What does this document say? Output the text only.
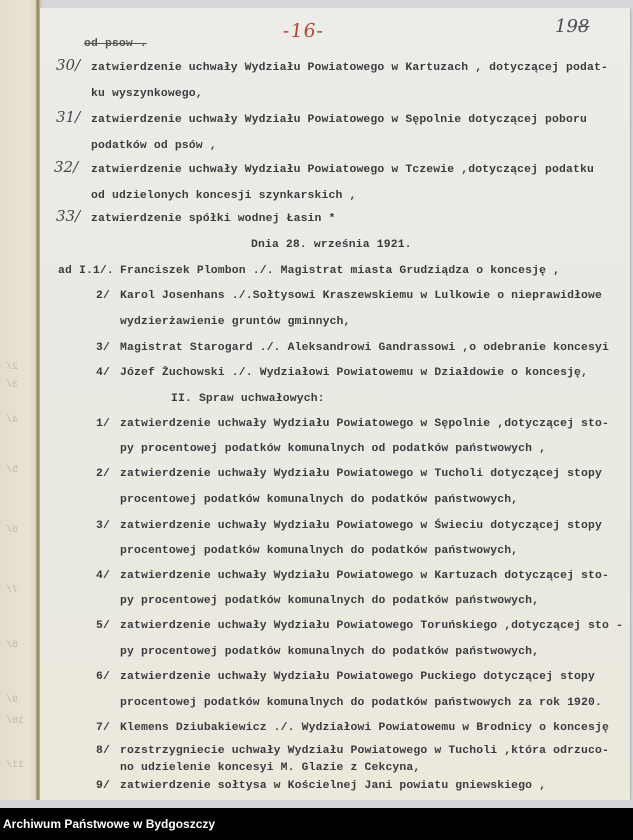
2/
3/
4/
5/
6/
7/
8/
9/
10/
11/
-16-	198
od psow .
30/ zatwierdzenie uchwały Wydziału Powiatowego w Kartuzach , dotyczącej podat-
ku wyszynkowego,
31/ zatwierdzenie uchwały Wydziału Powiatowego w Sępolnie dotyczącej poboru
podatków od psów ,
32/ zatwierdzenie uchwały Wydziału Powiatowego w Tczewie ,dotyczącej podatku
od udzielonych koncesji szynkarskich ,
33/ zatwierdzenie spółki wodnej Łasin *
Dnia 28. września 1921.
ad I.1/. Franciszek Plombon ./. Magistrat miasta Grudziądza o koncesję ,
2/ Karol Josenhans ./.Sołtysowi Kraszewskiemu w Lulkowie o nieprawidłowe
wydzierżawienie gruntów gminnych,
3/ Magistrat Starogard ./. Aleksandrowi Gandrassowi ,o odebranie koncesyi
4/ Józef Żuchowski ./. Wydziałowi Powiatowemu w Działdowie o koncesję,
II. Spraw uchwałowych:
1/ zatwierdzenie uchwały Wydziału Powiatowego w Sępolnie ,dotyczącej sto-
py procentowej podatków komunalnych od podatków państwowych ,
2/ zatwierdzenie uchwały Wydziału Powiatowego w Tucholi dotyczącej stopy
procentowej podatków komunalnych do podatków państwowych,
3/ zatwierdzenie uchwały Wydziału Powiatowego w Świeciu dotyczącej stopy
procentowej podatków komunalnych do podatków państwowych,
4/ zatwierdzenie uchwały Wydziału Powiatowego w Kartuzach dotyczącej sto-
py procentowej podatków komunalnych do podatków państwowych,
5/ zatwierdzenie uchwały Wydziału Powiatowego Toruńskiego ,dotyczącej sto -
py procentowej podatków komunalnych do podatków państwowych,
6/ zatwierdzenie uchwały Wydziału Powiatowego Puckiego dotyczącej stopy
procentowej podatków komunalnych do podatków państwowych za rok 1920.
7/ Klemens Dziubakiewicz ./. Wydziałowi Powiatowemu w Brodnicy o koncesję
8/ rozstrzygniecie uchwały Wydziału Powiatowego w Tucholi ,która odrzuco-
no udzielenie koncesyi M. Glazie z Cekcyna,
9/ zatwierdzenie sołtysa w Kościelnej Jani powiatu gniewskiego ,
Archiwum Państwowe w Bydgoszczy
